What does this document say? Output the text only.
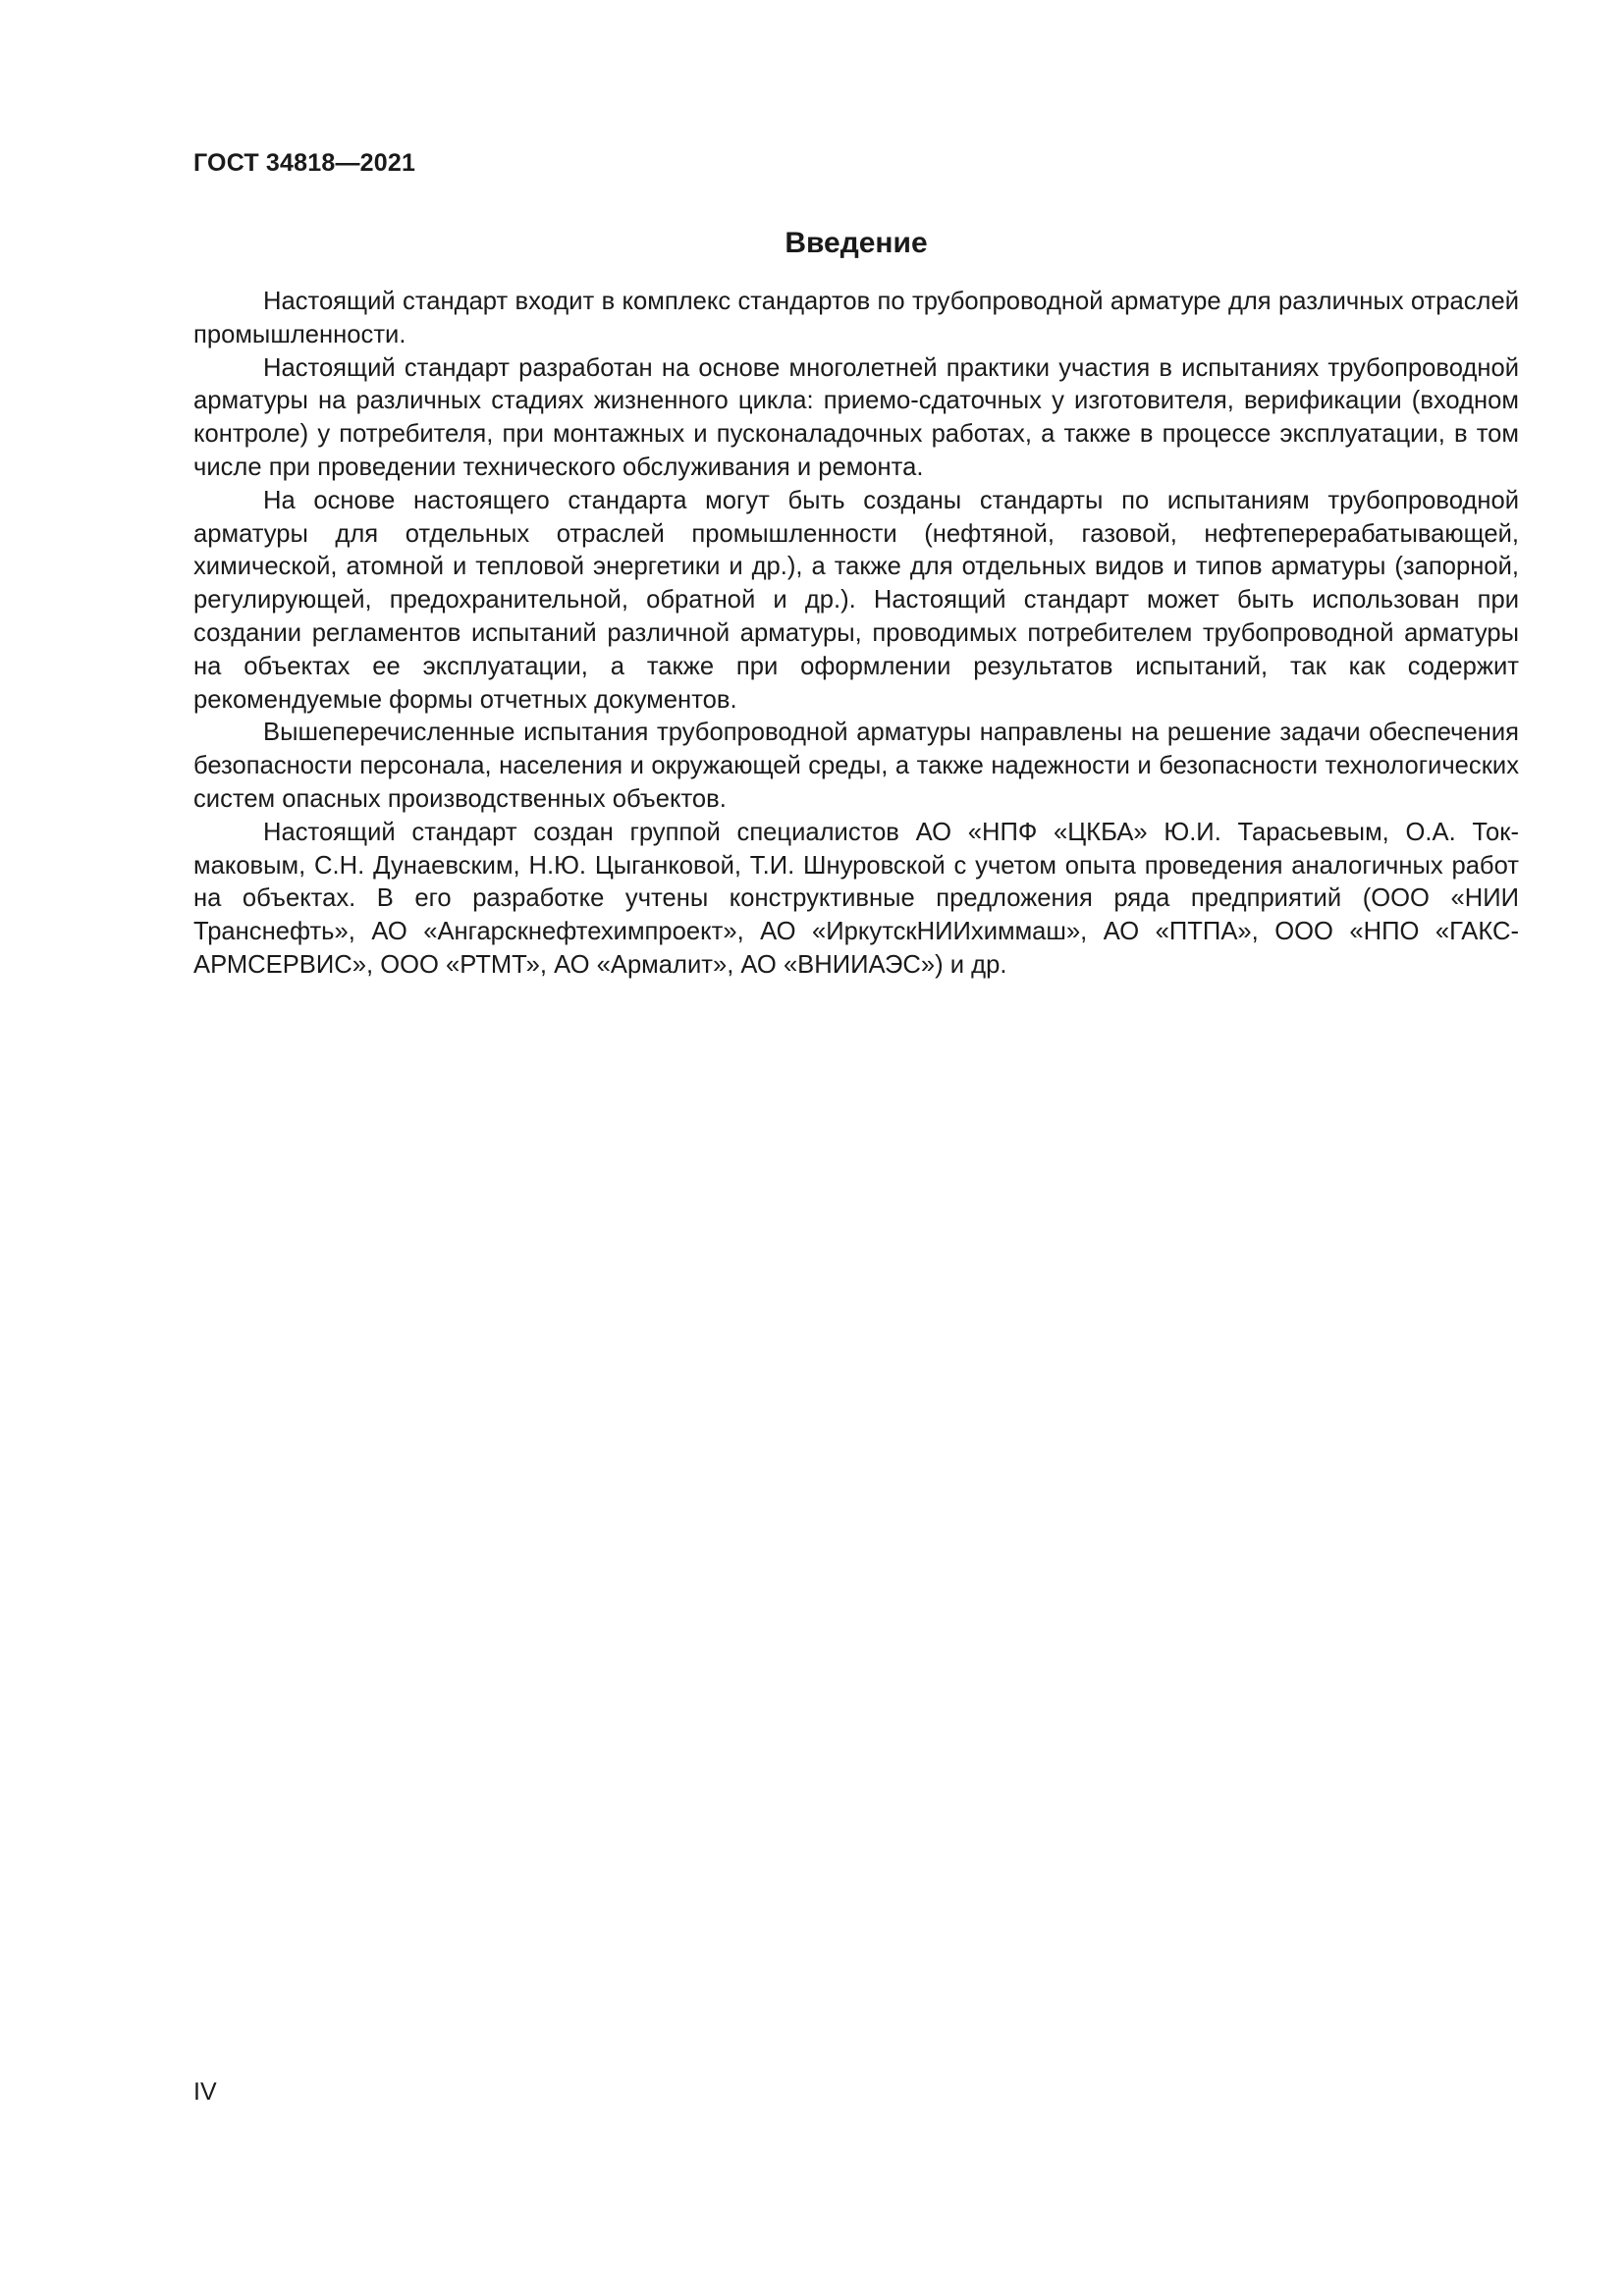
ГОСТ 34818—2021
Введение

Настоящий стандарт входит в комплекс стандартов по трубопроводной арматуре для различных отраслей промышленности.

Настоящий стандарт разработан на основе многолетней практики участия в испытаниях трубопроводной арматуры на различных стадиях жизненного цикла: приемо-сдаточных у изготовителя, верификации (входном контроле) у потребителя, при монтажных и пусконаладочных работах, а также в процессе эксплуатации, в том числе при проведении технического обслуживания и ремонта.

На основе настоящего стандарта могут быть созданы стандарты по испытаниям трубопроводной арматуры для отдельных отраслей промышленности (нефтяной, газовой, нефтеперерабатывающей, химической, атомной и тепловой энергетики и др.), а также для отдельных видов и типов арматуры (запорной, регулирующей, предохранительной, обратной и др.). Настоящий стандарт может быть использован при создании регламентов испытаний различной арматуры, проводимых потребителем трубопроводной арматуры на объектах ее эксплуатации, а также при оформлении результатов испытаний, так как содержит рекомендуемые формы отчетных документов.

Вышеперечисленные испытания трубопроводной арматуры направлены на решение задачи обеспечения безопасности персонала, населения и окружающей среды, а также надежности и безопасности технологических систем опасных производственных объектов.

Настоящий стандарт создан группой специалистов АО «НПФ «ЦКБА» Ю.И. Тарасьевым, О.А. Токмаковым, С.Н. Дунаевским, Н.Ю. Цыганковой, Т.И. Шнуровской с учетом опыта проведения аналогичных работ на объектах. В его разработке учтены конструктивные предложения ряда предприятий (ООО «НИИ Транснефть», АО «Ангарскнефтехимпроект», АО «ИркутскНИИхиммаш», АО «ПТПА», ООО «НПО «ГАКС-АРМСЕРВИС», ООО «РТМТ», АО «Армалит», АО «ВНИИАЭС») и др.

IV
